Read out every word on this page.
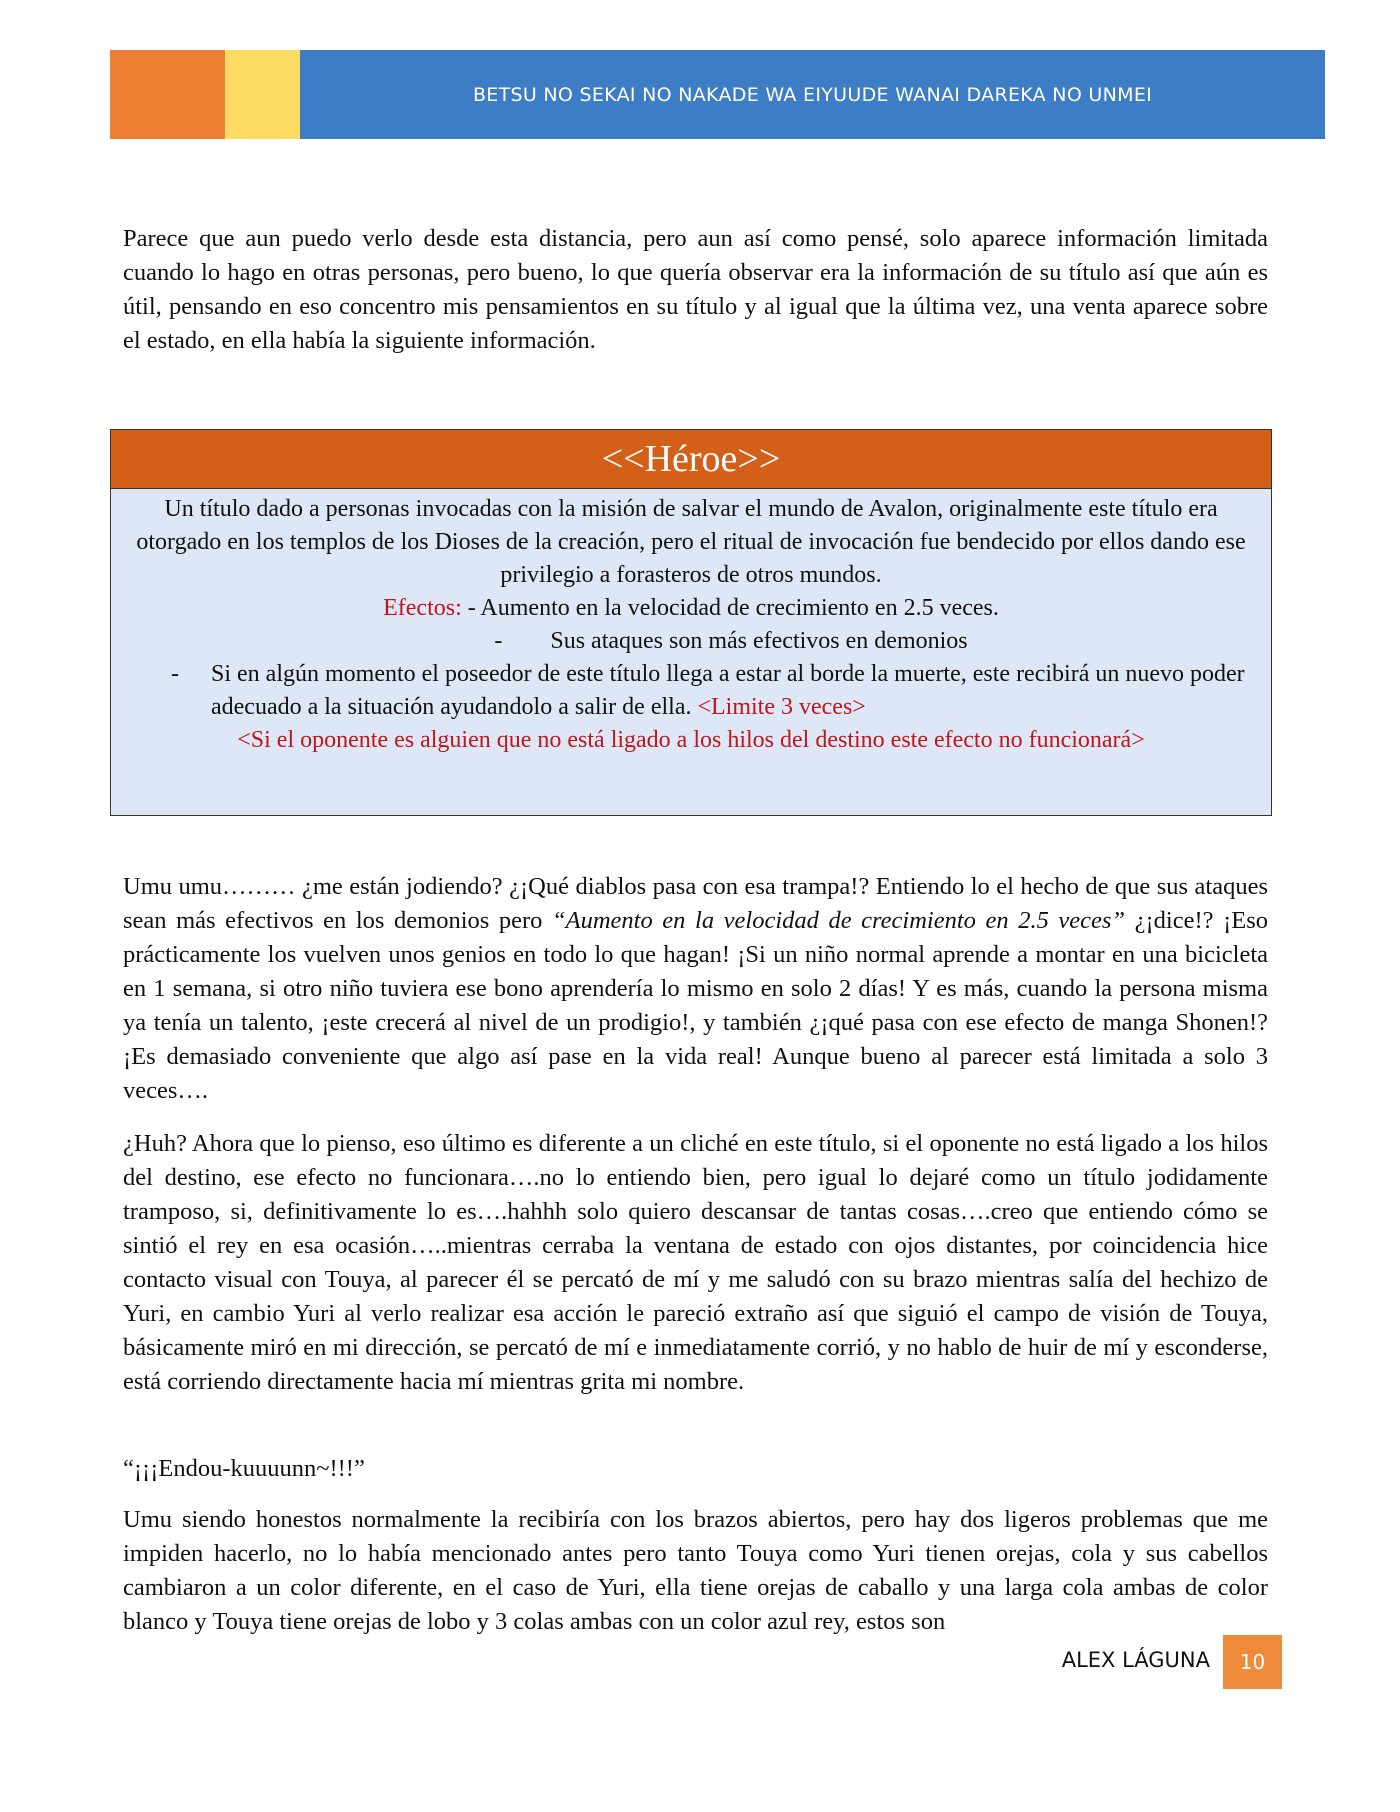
BETSU NO SEKAI NO NAKADE WA EIYUUDE WANAI DAREKA NO UNMEI

Parece que aun puedo verlo desde esta distancia, pero aun así como pensé, solo aparece información limitada cuando lo hago en otras personas, pero bueno, lo que quería observar era la información de su título así que aún es útil, pensando en eso concentro mis pensamientos en su título y al igual que la última vez, una venta aparece sobre el estado, en ella había la siguiente información.

<<Héroe>>
Un título dado a personas invocadas con la misión de salvar el mundo de Avalon, originalmente este título era otorgado en los templos de los Dioses de la creación, pero el ritual de invocación fue bendecido por ellos dando ese privilegio a forasteros de otros mundos.
Efectos: - Aumento en la velocidad de crecimiento en 2.5 veces.
- Sus ataques son más efectivos en demonios
-	Si en algún momento el poseedor de este título llega a estar al borde la muerte, este recibirá un nuevo poder adecuado a la situación ayudandolo a salir de ella. <Limite 3 veces>
<Si el oponente es alguien que no está ligado a los hilos del destino este efecto no funcionará>

Umu umu……… ¿me están jodiendo? ¿¡Qué diablos pasa con esa trampa!? Entiendo lo el hecho de que sus ataques sean más efectivos en los demonios pero “Aumento en la velocidad de crecimiento en 2.5 veces” ¿¡dice!? ¡Eso prácticamente los vuelven unos genios en todo lo que hagan! ¡Si un niño normal aprende a montar en una bicicleta en 1 semana, si otro niño tuviera ese bono aprendería lo mismo en solo 2 días! Y es más, cuando la persona misma ya tenía un talento, ¡este crecerá al nivel de un prodigio!, y también ¿¡qué pasa con ese efecto de manga Shonen!? ¡Es demasiado conveniente que algo así pase en la vida real! Aunque bueno al parecer está limitada a solo 3 veces….

¿Huh? Ahora que lo pienso, eso último es diferente a un cliché en este título, si el oponente no está ligado a los hilos del destino, ese efecto no funcionara….no lo entiendo bien, pero igual lo dejaré como un título jodidamente tramposo, si, definitivamente lo es….hahhh solo quiero descansar de tantas cosas….creo que entiendo cómo se sintió el rey en esa ocasión…..mientras cerraba la ventana de estado con ojos distantes, por coincidencia hice contacto visual con Touya, al parecer él se percató de mí y me saludó con su brazo mientras salía del hechizo de Yuri, en cambio Yuri al verlo realizar esa acción le pareció extraño así que siguió el campo de visión de Touya, básicamente miró en mi dirección, se percató de mí e inmediatamente corrió, y no hablo de huir de mí y esconderse, está corriendo directamente hacia mí mientras grita mi nombre.

“¡¡¡Endou-kuuuunn~!!!”

Umu siendo honestos normalmente la recibiría con los brazos abiertos, pero hay dos ligeros problemas que me impiden hacerlo, no lo había mencionado antes pero tanto Touya como Yuri tienen orejas, cola y sus cabellos cambiaron a un color diferente, en el caso de Yuri, ella tiene orejas de caballo y una larga cola ambas de color blanco y Touya tiene orejas de lobo y 3 colas ambas con un color azul rey, estos son

ALEX LÁGUNA 10
